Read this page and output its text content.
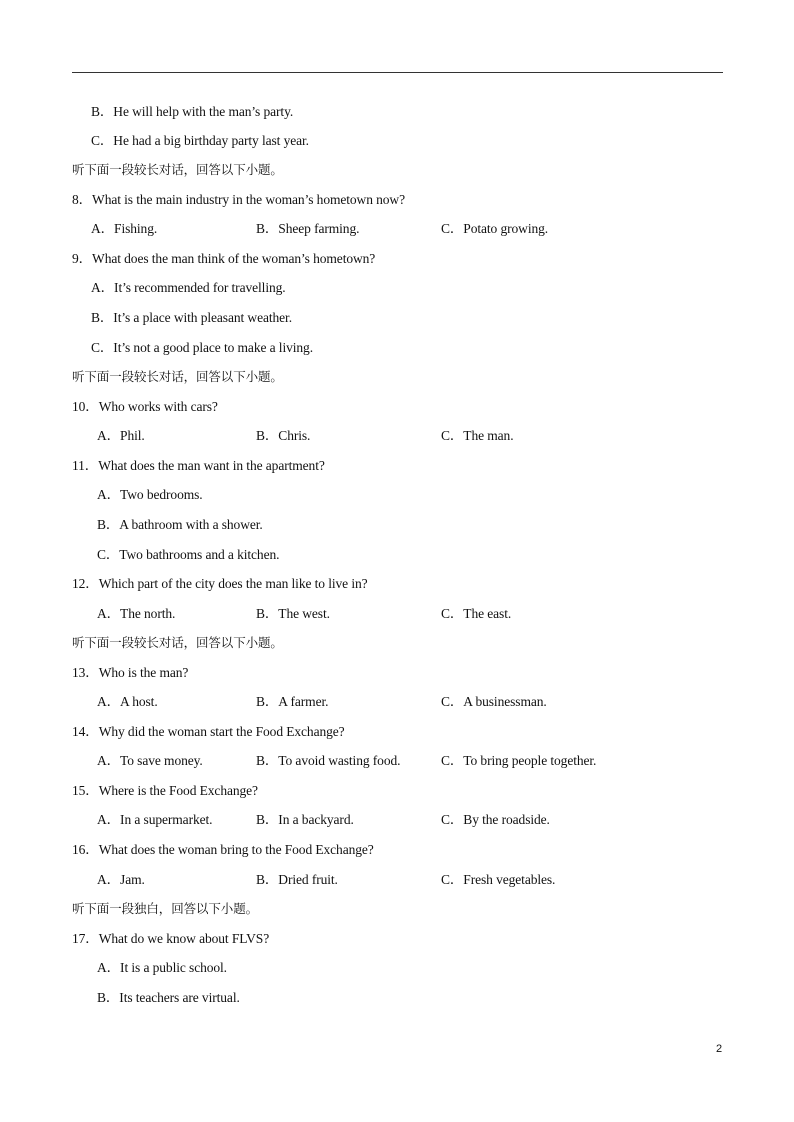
B．He will help with the man’s party.
C．He had a big birthday party last year.
听下面一段较长对话，回答以下小题。
8．What is the main industry in the woman’s hometown now?
A．Fishing.	B．Sheep farming.	C．Potato growing.
9．What does the man think of the woman’s hometown?
A．It’s recommended for travelling.
B．It’s a place with pleasant weather.
C．It’s not a good place to make a living.
听下面一段较长对话，回答以下小题。
10．Who works with cars?
A．Phil.	B．Chris.	C．The man.
11．What does the man want in the apartment?
A．Two bedrooms.
B．A bathroom with a shower.
C．Two bathrooms and a kitchen.
12．Which part of the city does the man like to live in?
A．The north.	B．The west.	C．The east.
听下面一段较长对话，回答以下小题。
13．Who is the man?
A．A host.	B．A farmer.	C．A businessman.
14．Why did the woman start the Food Exchange?
A．To save money.	B．To avoid wasting food.	C．To bring people together.
15．Where is the Food Exchange?
A．In a supermarket.	B．In a backyard.	C．By the roadside.
16．What does the woman bring to the Food Exchange?
A．Jam.	B．Dried fruit.	C．Fresh vegetables.
听下面一段独白，回答以下小题。
17．What do we know about FLVS?
A．It is a public school.
B．Its teachers are virtual.
2
